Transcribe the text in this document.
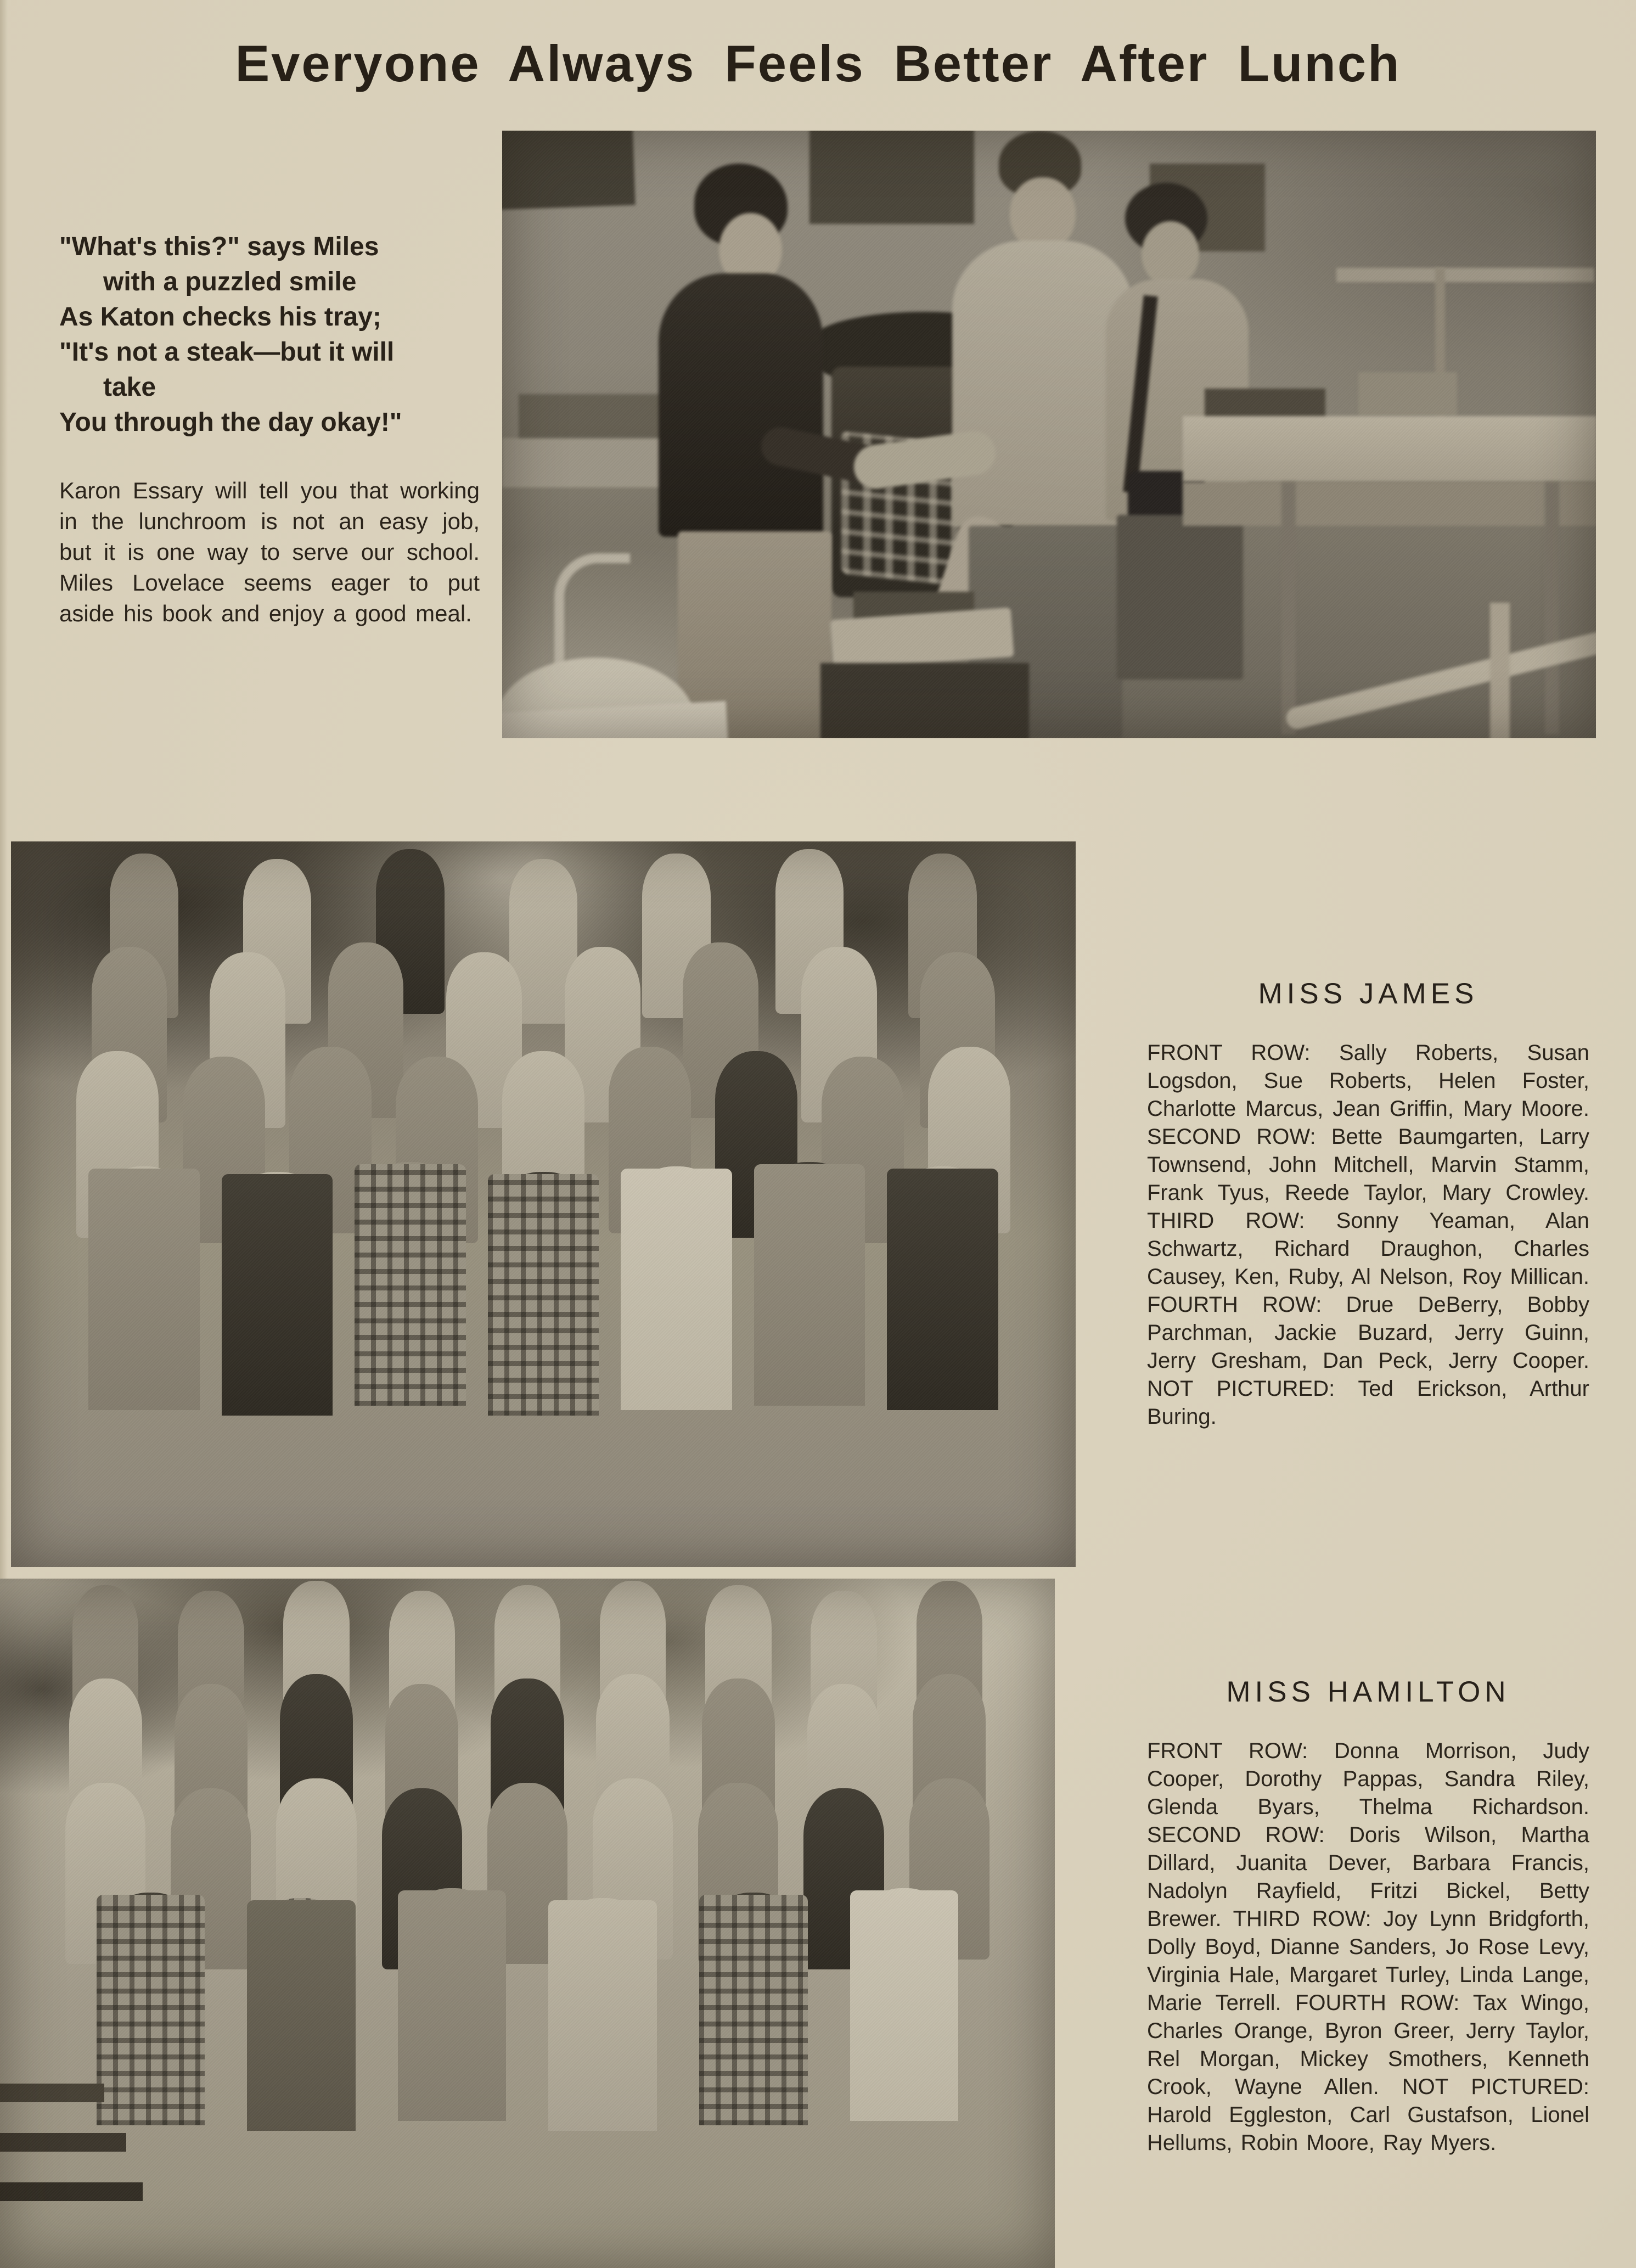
Everyone Always Feels Better After Lunch
"What's this?" says Miles
with a puzzled smile
As Katon checks his tray;
"It's not a steak—but it will
take
You through the day okay!"

Karon Essary will tell you that working in the lunchroom is not an easy job, but it is one way to serve our school. Miles Lovelace seems eager to put aside his book and enjoy a good meal.

MISS JAMES

FRONT ROW: Sally Roberts, Susan Logsdon, Sue Roberts, Helen Foster, Charlotte Marcus, Jean Griffin, Mary Moore. SECOND ROW: Bette Baumgarten, Larry Townsend, John Mitchell, Marvin Stamm, Frank Tyus, Reede Taylor, Mary Crowley. THIRD ROW: Sonny Yeaman, Alan Schwartz, Richard Draughon, Charles Causey, Ken, Ruby, Al Nelson, Roy Millican. FOURTH ROW: Drue DeBerry, Bobby Parchman, Jackie Buzard, Jerry Guinn, Jerry Gresham, Dan Peck, Jerry Cooper. NOT PICTURED: Ted Erickson, Arthur Buring.

MISS HAMILTON

FRONT ROW: Donna Morrison, Judy Cooper, Dorothy Pappas, Sandra Riley, Glenda Byars, Thelma Richardson. SECOND ROW: Doris Wilson, Martha Dillard, Juanita Dever, Barbara Francis, Nadolyn Rayfield, Fritzi Bickel, Betty Brewer. THIRD ROW: Joy Lynn Bridgforth, Dolly Boyd, Dianne Sanders, Jo Rose Levy, Virginia Hale, Margaret Turley, Linda Lange, Marie Terrell. FOURTH ROW: Tax Wingo, Charles Orange, Byron Greer, Jerry Taylor, Rel Morgan, Mickey Smothers, Kenneth Crook, Wayne Allen. NOT PICTURED: Harold Eggleston, Carl Gustafson, Lionel Hellums, Robin Moore, Ray Myers.
